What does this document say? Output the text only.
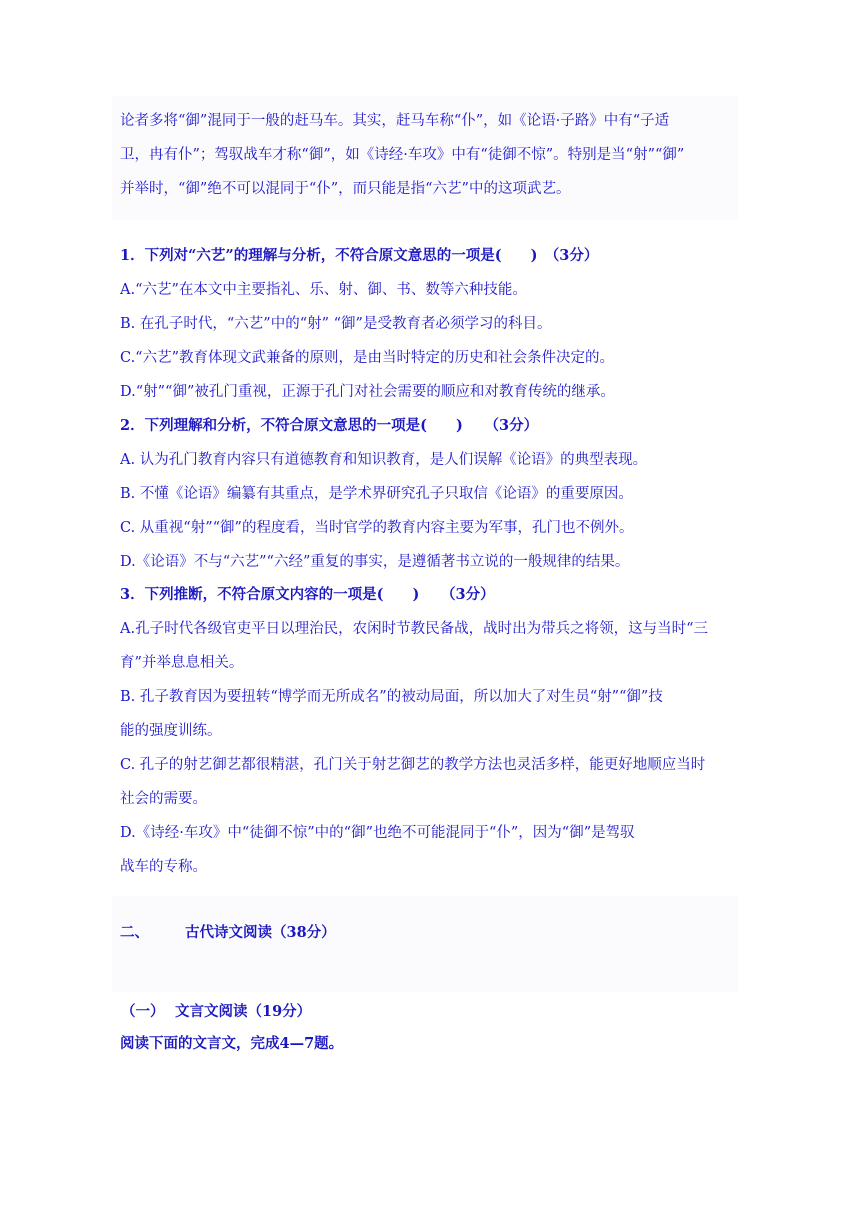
论者多将“御”混同于一般的赶马车。其实，赶马车称“仆”，如《论语·子路》中有“子适
卫，冉有仆”；驾驭战车才称“御”，如《诗经·车攻》中有“徒御不惊”。特别是当“射”“御”
并举时，“御”绝不可以混同于“仆”，而只能是指“六艺”中的这项武艺。
1．下列对“六艺”的理解与分析，不符合原文意思的一项是(　　)　（3分）
A.“六艺”在本文中主要指礼、乐、射、御、书、数等六种技能。
B. 在孔子时代，“六艺”中的“射” “御”是受教育者必须学习的科目。
C.“六艺”教育体现文武兼备的原则，是由当时特定的历史和社会条件决定的。
D.“射”“御”被孔门重视，正源于孔门对社会需要的顺应和对教育传统的继承。
2．下列理解和分析，不符合原文意思的一项是(　　)　　（3分）
A. 认为孔门教育内容只有道德教育和知识教育，是人们误解《论语》的典型表现。
B. 不懂《论语》编纂有其重点，是学术界研究孔子只取信《论语》的重要原因。
C. 从重视“射”“御”的程度看，当时官学的教育内容主要为军事，孔门也不例外。
D.《论语》不与“六艺”“六经”重复的事实，是遵循著书立说的一般规律的结果。
3．下列推断，不符合原文内容的一项是(　　)　　（3分）
A.孔子时代各级官吏平日以理治民，农闲时节教民备战，战时出为带兵之将领，这与当时“三
育”并举息息相关。
B. 孔子教育因为要扭转“博学而无所成名”的被动局面，所以加大了对生员“射”“御”技
能的强度训练。
C. 孔子的射艺御艺都很精湛，孔门关于射艺御艺的教学方法也灵活多样，能更好地顺应当时
社会的需要。
D.《诗经·车攻》中“徒御不惊”中的“御”也绝不可能混同于“仆”，因为“御”是驾驭
战车的专称。
二、 古代诗文阅读（38分）
（一） 文言文阅读（19分）
阅读下面的文言文，完成4—7题。
